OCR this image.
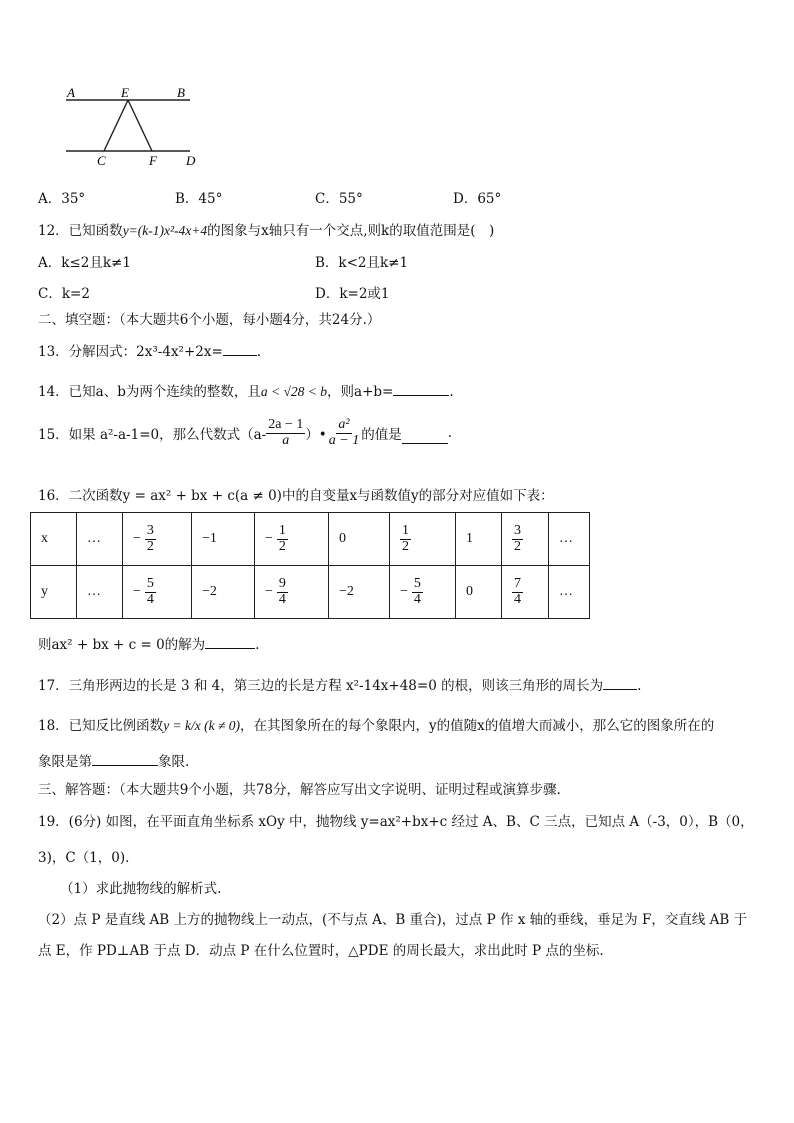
A	E	B
C	F D
A．35°	B．45°	C．55°	D．65°
12．已知函数y=(k-1)x²-4x+4的图象与x轴只有一个交点,则k的取值范围是(　)
A．k≤2且k≠1	B．k<2且k≠1
C．k=2	D．k=2或1
二、填空题：（本大题共6个小题，每小题4分，共24分.）
13．分解因式：2x³-4x²+2x=	.
14．已知a、b为两个连续的整数，且a < √28 < b，则a+b=	.
15．如果 a²-a-1=0，那么代数式（$a- \frac{2a - 1}{a}$ ）• $\frac{\text{a²}}{a - 1}$ 的值是	.
16．二次函数y = ax² + bx + c(a ≠ 0)中的自变量x与函数值y的部分对应值如下表：
x	…	− $\frac{3}{2}$	−1	− $\frac{1}{2}$	0	$\frac{1}{2}$	1	$\frac{3}{2}$	…
y	…	− $\frac{5}{4}$	−2	− $\frac{9}{4}$	−2	− $\frac{5}{4}$	0	$\frac{7}{4}$	…
则ax² + bx + c = 0的解为	.
17．三角形两边的长是 3 和 4，第三边的长是方程 x²-14x+48=0 的根，则该三角形的周长为	.
18．已知反比例函数y = k/x (k ≠ 0)，在其图象所在的每个象限内，y的值随x的值增大而减小，那么它的图象所在的
象限是第	象限.
三、解答题：（本大题共9个小题，共78分，解答应写出文字说明、证明过程或演算步骤.
19．(6分) 如图，在平面直角坐标系 xOy 中，抛物线 y=ax²+bx+c 经过 A、B、C 三点，已知点 A（-3，0），B（0，
3)，C（1，0).
（1）求此抛物线的解析式.
（2）点 P 是直线 AB 上方的抛物线上一动点，(不与点 A、B 重合)，过点 P 作 x 轴的垂线，垂足为 F，交直线 AB 于
点 E，作 PD⊥AB 于点 D．动点 P 在什么位置时，△PDE 的周长最大，求出此时 P 点的坐标.
